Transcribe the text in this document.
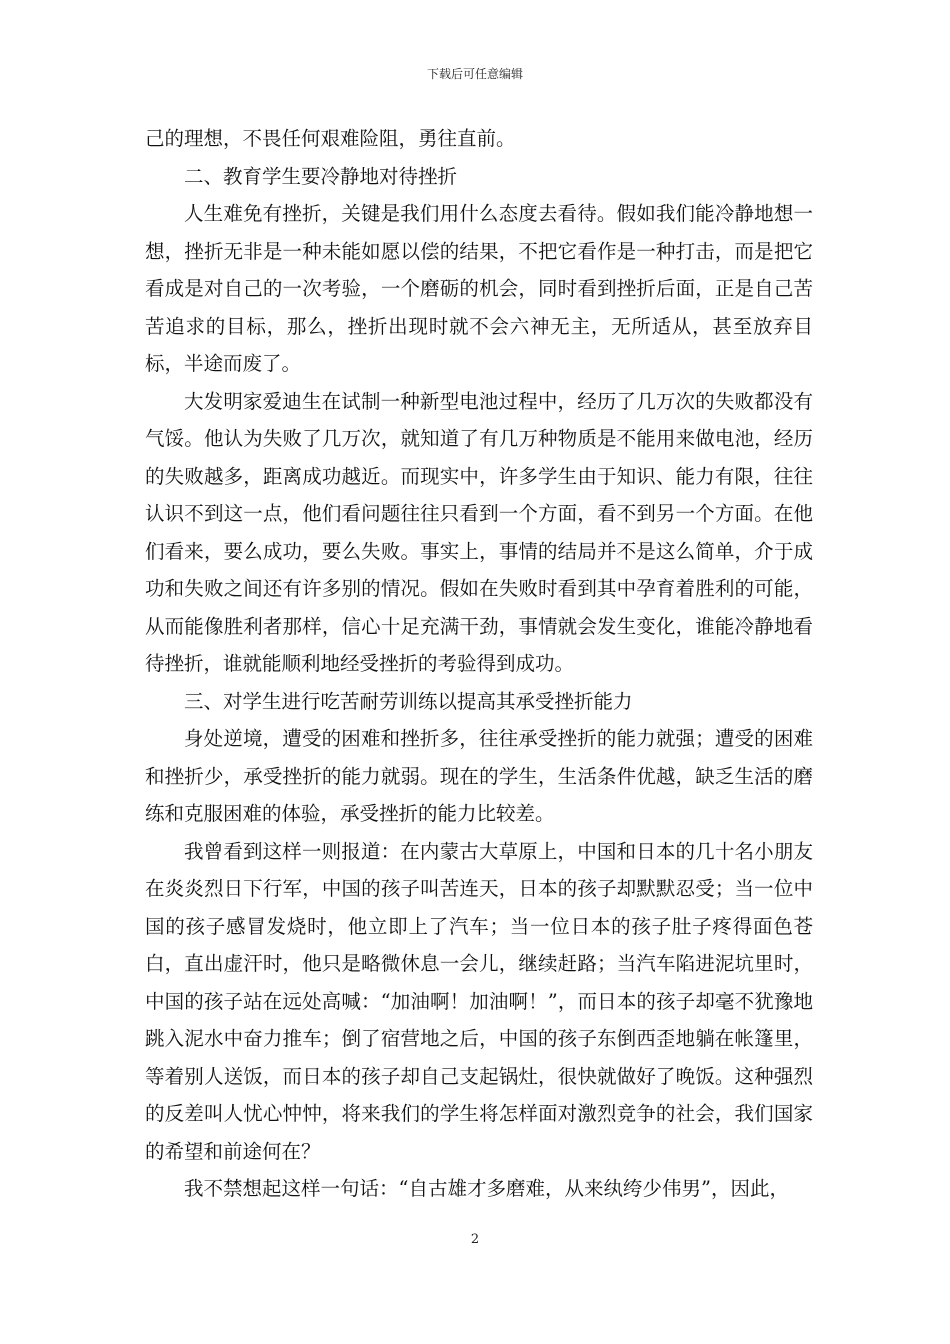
下载后可任意编辑

己的理想，不畏任何艰难险阻，勇往直前。

二、教育学生要冷静地对待挫折

人生难免有挫折，关键是我们用什么态度去看待。假如我们能冷静地想一想，挫折无非是一种未能如愿以偿的结果，不把它看作是一种打击，而是把它看成是对自己的一次考验，一个磨砺的机会，同时看到挫折后面，正是自己苦苦追求的目标，那么，挫折出现时就不会六神无主，无所适从，甚至放弃目标，半途而废了。

大发明家爱迪生在试制一种新型电池过程中，经历了几万次的失败都没有气馁。他认为失败了几万次，就知道了有几万种物质是不能用来做电池，经历的失败越多，距离成功越近。而现实中，许多学生由于知识、能力有限，往往认识不到这一点，他们看问题往往只看到一个方面，看不到另一个方面。在他们看来，要么成功，要么失败。事实上，事情的结局并不是这么简单，介于成功和失败之间还有许多别的情况。假如在失败时看到其中孕育着胜利的可能，从而能像胜利者那样，信心十足充满干劲，事情就会发生变化，谁能冷静地看待挫折，谁就能顺利地经受挫折的考验得到成功。

三、对学生进行吃苦耐劳训练以提高其承受挫折能力

身处逆境，遭受的困难和挫折多，往往承受挫折的能力就强；遭受的困难和挫折少，承受挫折的能力就弱。现在的学生，生活条件优越，缺乏生活的磨练和克服困难的体验，承受挫折的能力比较差。

我曾看到这样一则报道：在内蒙古大草原上，中国和日本的几十名小朋友在炎炎烈日下行军，中国的孩子叫苦连天，日本的孩子却默默忍受；当一位中国的孩子感冒发烧时，他立即上了汽车；当一位日本的孩子肚子疼得面色苍白，直出虚汗时，他只是略微休息一会儿，继续赶路；当汽车陷进泥坑里时，中国的孩子站在远处高喊：“加油啊！加油啊！”，而日本的孩子却毫不犹豫地跳入泥水中奋力推车；倒了宿营地之后，中国的孩子东倒西歪地躺在帐篷里，等着别人送饭，而日本的孩子却自己支起锅灶，很快就做好了晚饭。这种强烈的反差叫人忧心忡忡，将来我们的学生将怎样面对激烈竞争的社会，我们国家的希望和前途何在？

我不禁想起这样一句话：“自古雄才多磨难，从来纨绔少伟男”，因此，

2
